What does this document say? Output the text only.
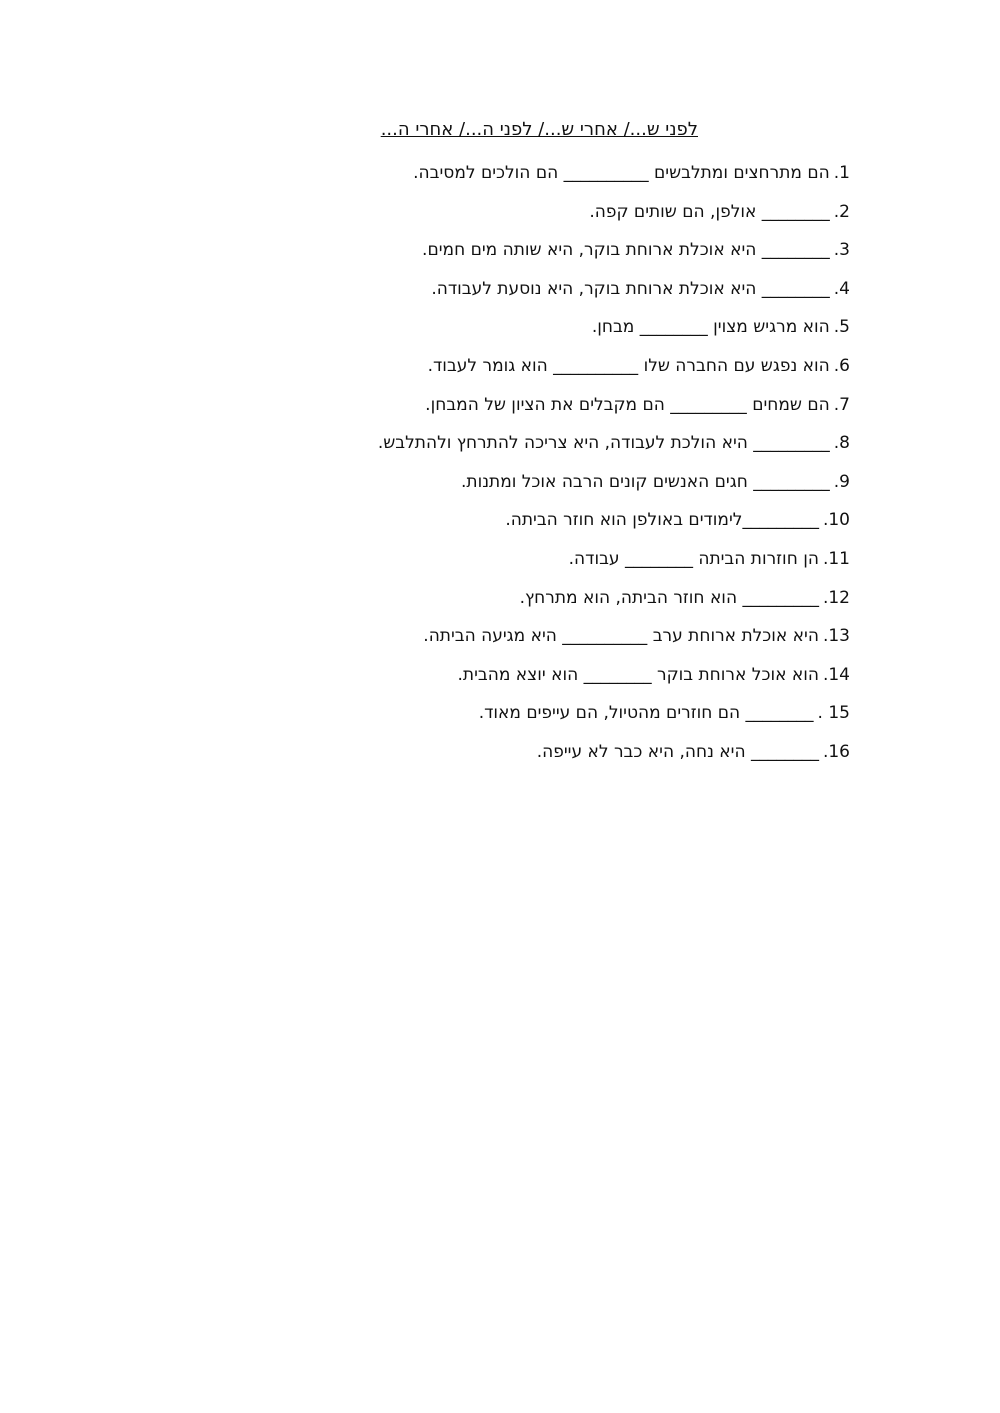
לפני ש.../ אחרי ש.../ לפני ה.../ אחרי ה...
1.הם מתרחצים ומתלבשים __________ הם הולכים למסיבה.
2.________ אולפן, הם שותים קפה.
3.________ היא אוכלת ארוחת בוקר, היא שותה מים חמים.
4.________ היא אוכלת ארוחת בוקר, היא נוסעת לעבודה.
5.הוא מרגיש מצוין ________ מבחן.
6.הוא נפגש עם החברה שלו __________ הוא גומר לעבוד.
7.הם שמחים _________ הם מקבלים את הציון של המבחן.
8._________ היא הולכת לעבודה, היא צריכה להתרחץ ולהתלבש.
9._________ חגים האנשים קונים הרבה אוכל ומתנות.
10._________לימודים באולפן הוא חוזר הביתה.
11.הן חוזרות הביתה ________ עבודה.
12._________ הוא חוזר הביתה, הוא מתרחץ.
13.היא אוכלת ארוחת ערב __________ היא מגיעה הביתה.
14.הוא אוכל ארוחת בוקר ________ הוא יוצא מהבית.
15 .________ הם חוזרים מהטיול, הם עייפים מאוד.
16.________ היא נחה, היא כבר לא עייפה.
